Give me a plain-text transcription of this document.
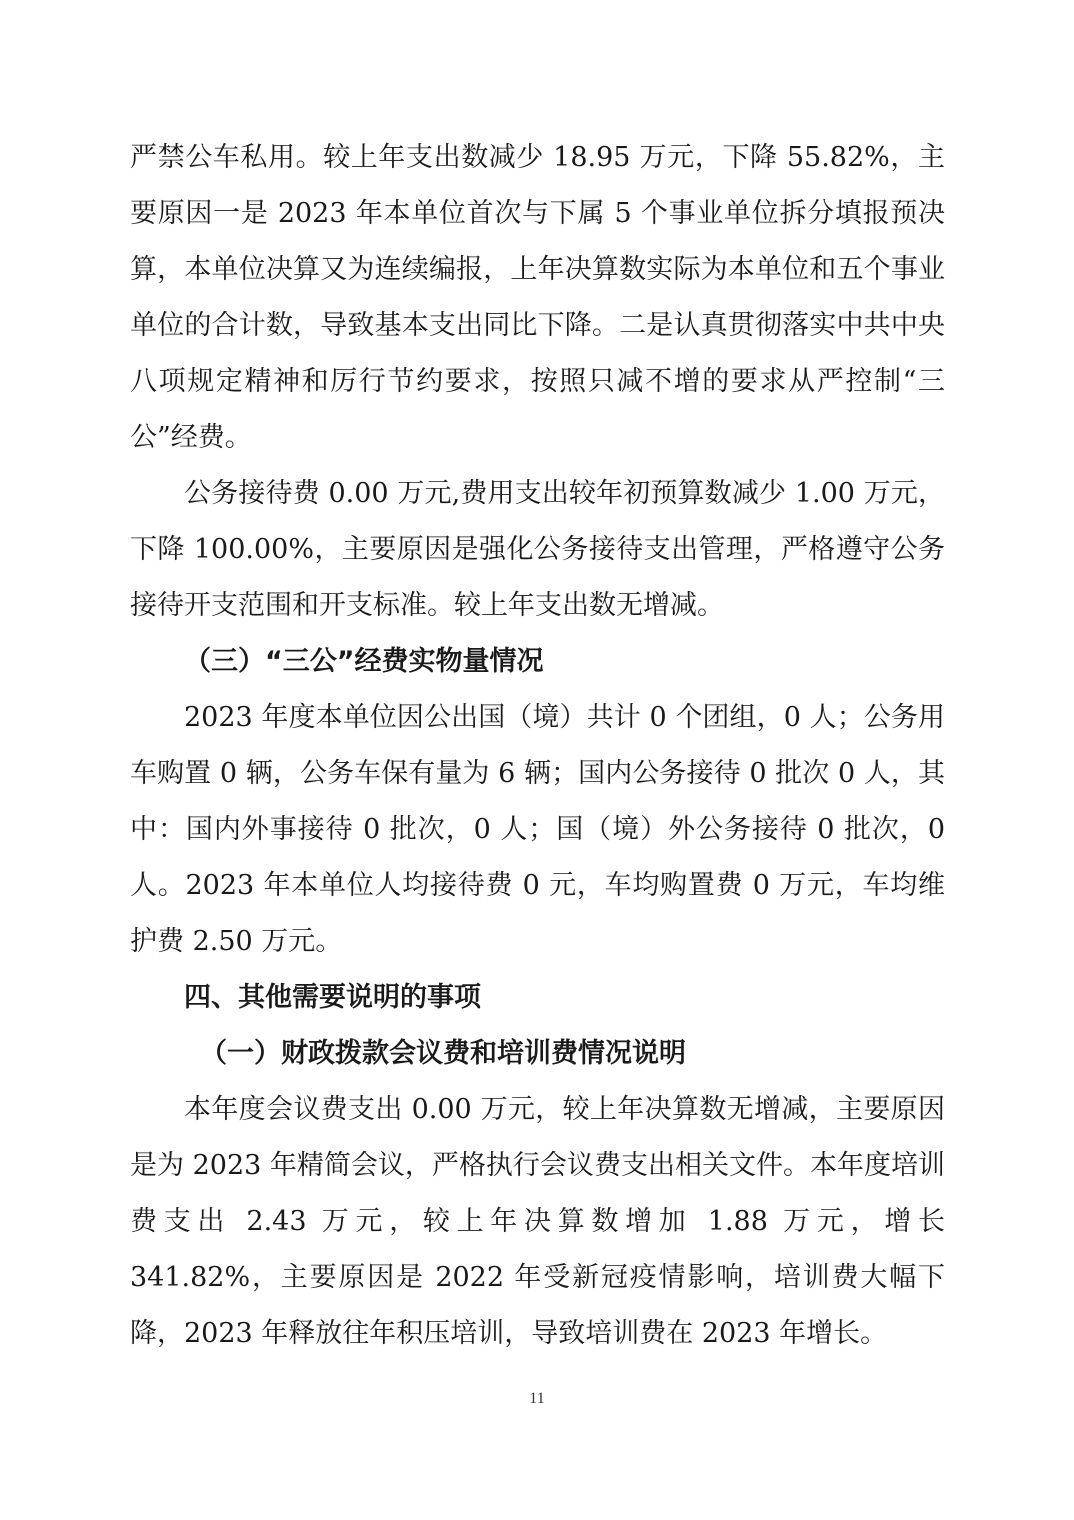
严禁公车私用。较上年支出数减少 18.95 万元，下降 55.82%，主要原因一是 2023 年本单位首次与下属 5 个事业单位拆分填报预决算，本单位决算又为连续编报，上年决算数实际为本单位和五个事业单位的合计数，导致基本支出同比下降。二是认真贯彻落实中共中央八项规定精神和厉行节约要求，按照只减不增的要求从严控制“三公”经费。

公务接待费 0.00 万元,费用支出较年初预算数减少 1.00 万元，下降 100.00%，主要原因是强化公务接待支出管理，严格遵守公务接待开支范围和开支标准。较上年支出数无增减。

（三）“三公”经费实物量情况

2023 年度本单位因公出国（境）共计 0 个团组，0 人；公务用车购置 0 辆，公务车保有量为 6 辆；国内公务接待 0 批次 0 人，其中：国内外事接待 0 批次，0 人；国（境）外公务接待 0 批次，0 人。2023 年本单位人均接待费 0 元，车均购置费 0 万元，车均维护费 2.50 万元。

四、其他需要说明的事项

（一）财政拨款会议费和培训费情况说明

本年度会议费支出 0.00 万元，较上年决算数无增减，主要原因是为 2023 年精简会议，严格执行会议费支出相关文件。本年度培训费支出 2.43 万元，较上年决算数增加 1.88 万元，增长 341.82%，主要原因是 2022 年受新冠疫情影响，培训费大幅下降，2023 年释放往年积压培训，导致培训费在 2023 年增长。

11
